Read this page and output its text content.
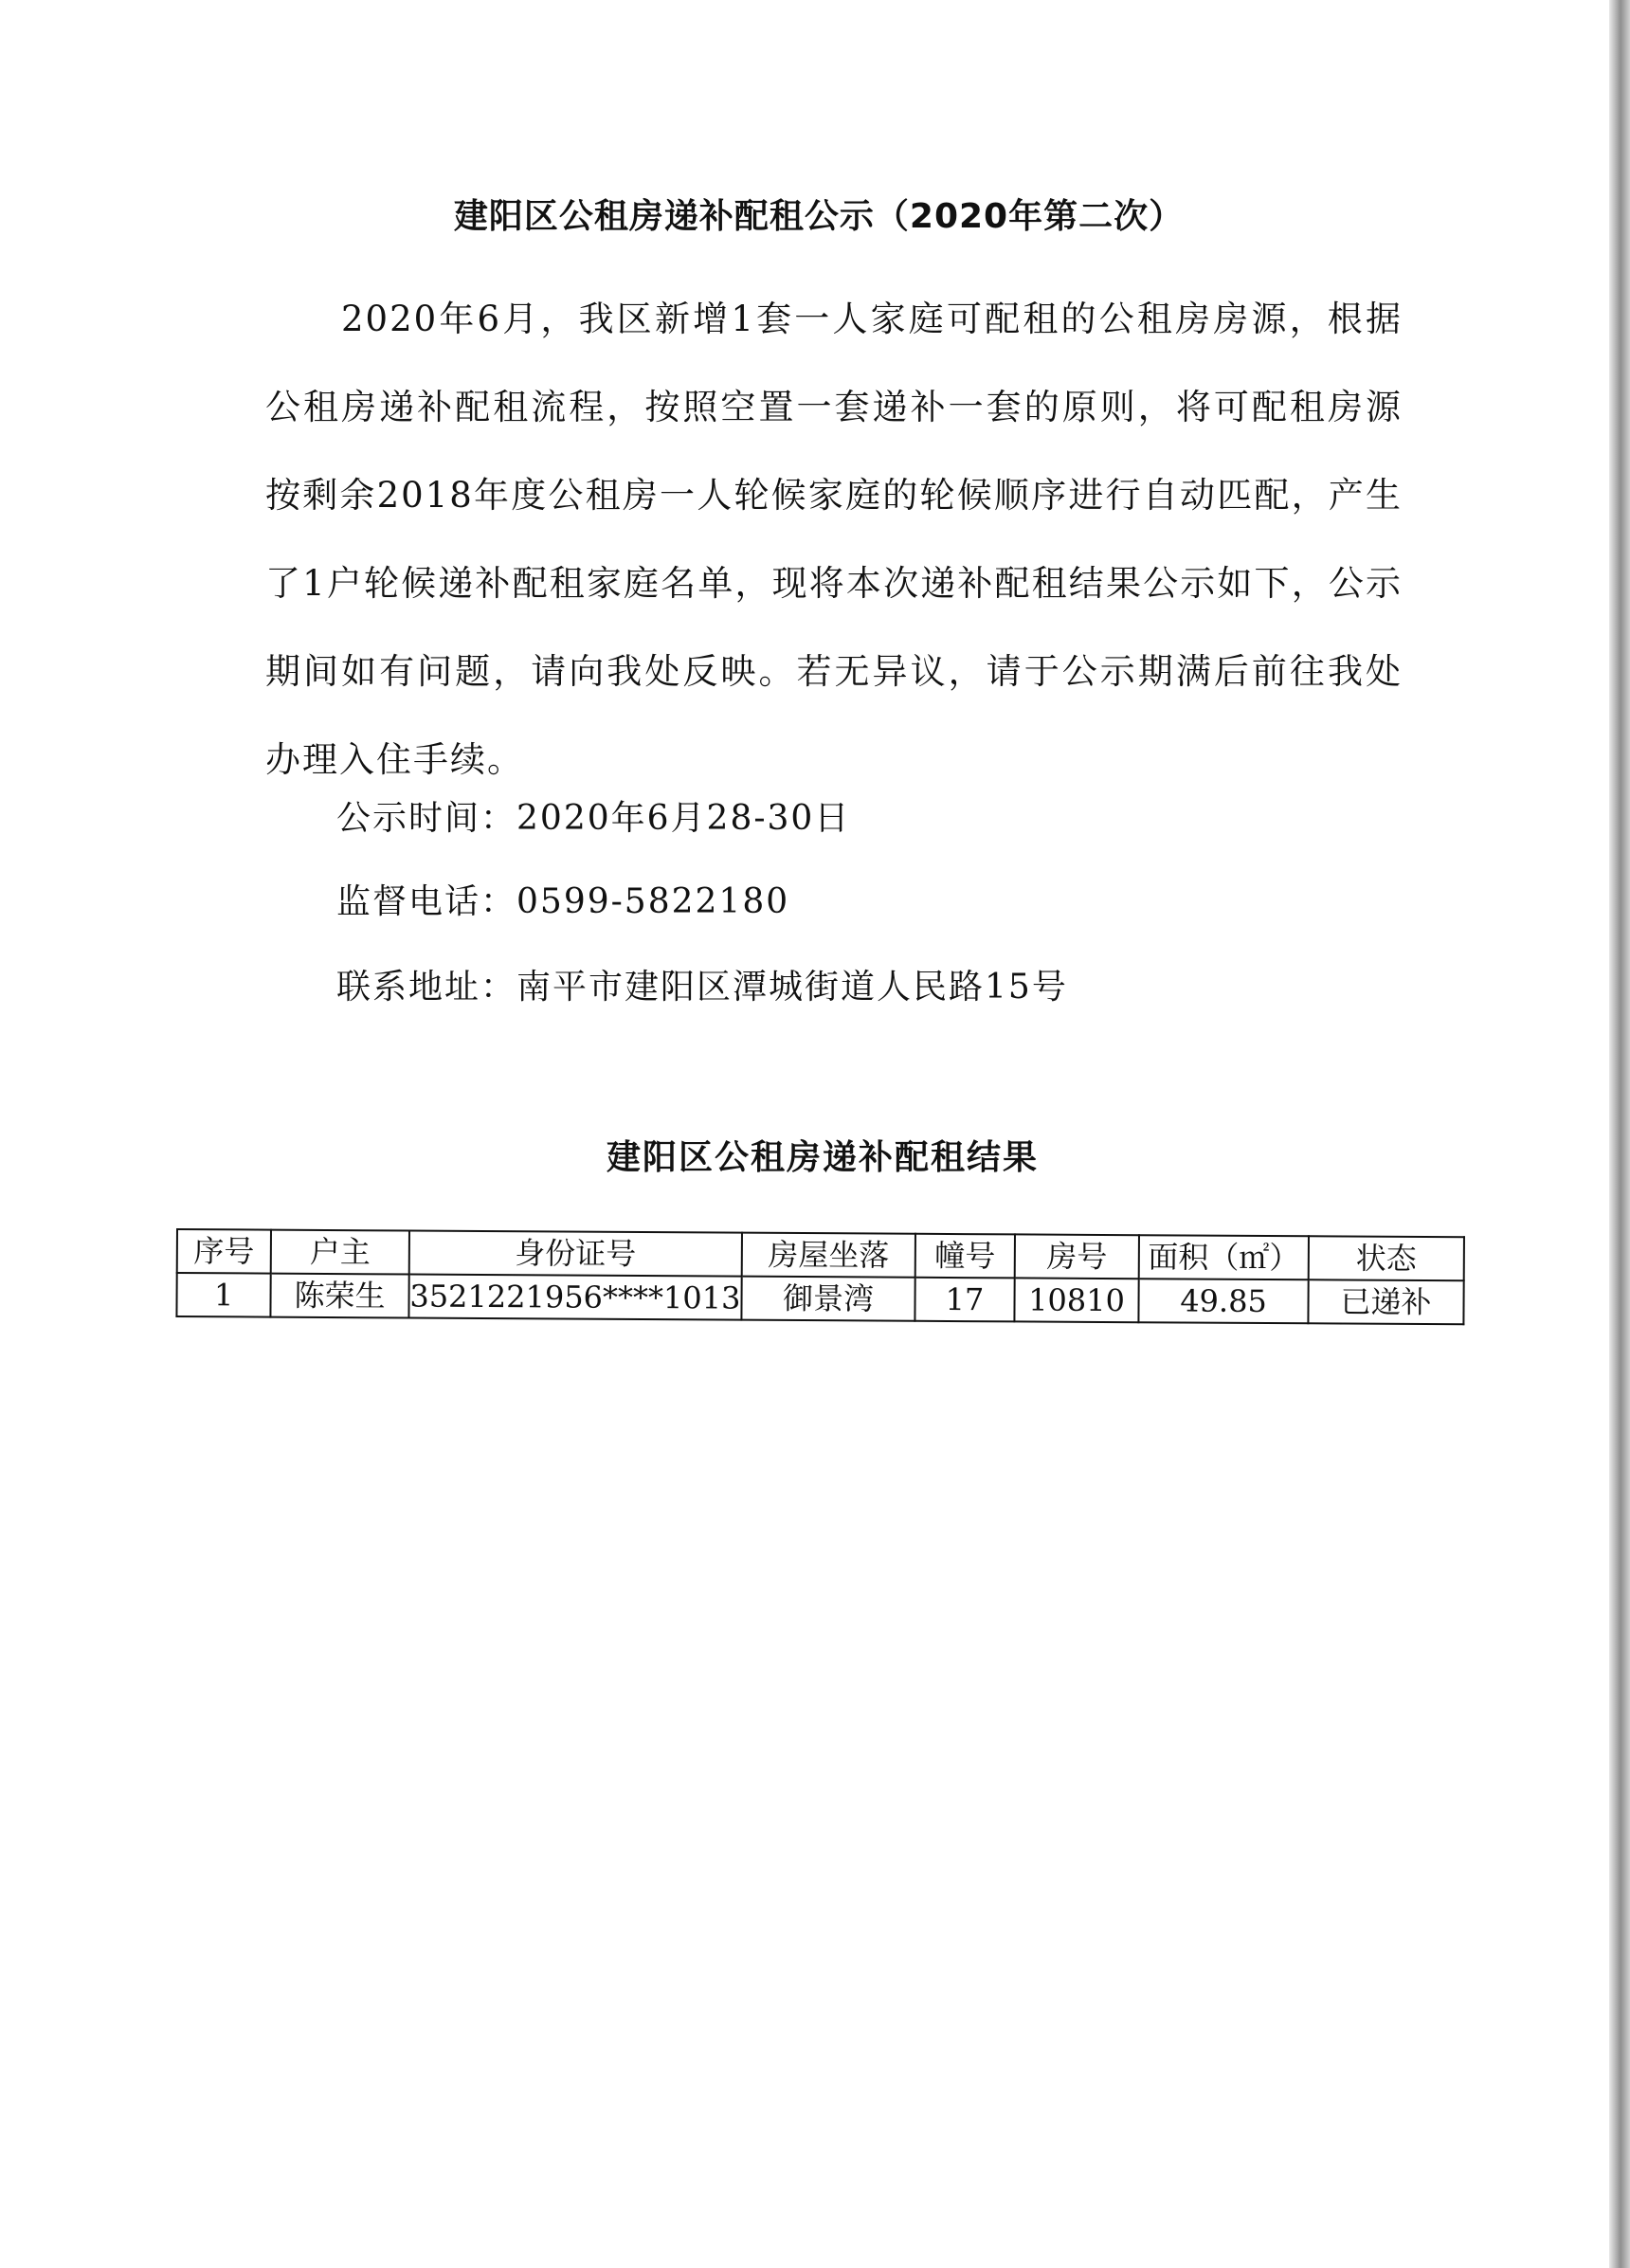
建阳区公租房递补配租公示（2020年第二次）

2020年6月，我区新增1套一人家庭可配租的公租房房源，根据公租房递补配租流程，按照空置一套递补一套的原则，将可配租房源按剩余2018年度公租房一人轮候家庭的轮候顺序进行自动匹配，产生了1户轮候递补配租家庭名单，现将本次递补配租结果公示如下，公示期间如有问题，请向我处反映。若无异议，请于公示期满后前往我处办理入住手续。

公示时间：2020年6月28-30日

监督电话：0599-5822180

联系地址：南平市建阳区潭城街道人民路15号

建阳区公租房递补配租结果
序号	户主	身份证号	房屋坐落	幢号	房号	面积（㎡）	状态
1	陈荣生	3521221956****1013	御景湾	17	10810	49.85	已递补
